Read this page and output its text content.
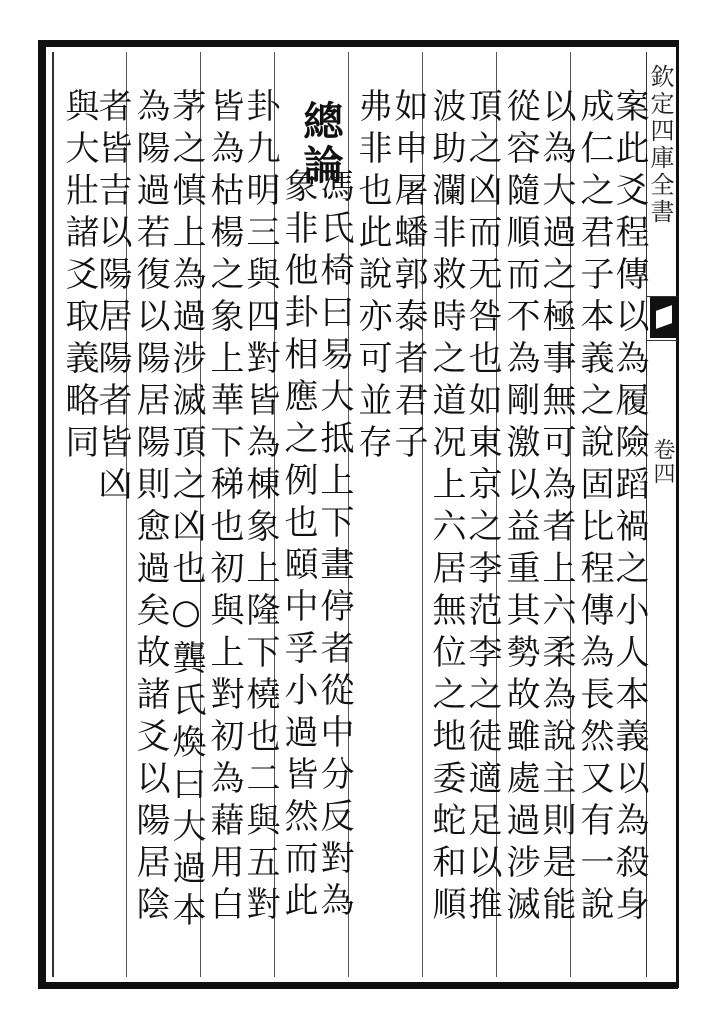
欽定四庫全書
卷四
案此爻程傳以為履險蹈禍之小人本義以為殺身
成仁之君子本義之說固比程傳為長然又有一說
以為大過之極事無可為者上六柔為說主則是能
從容隨順而不為剛激以益重其勢故雖處過涉滅
頂之凶而无咎也如東京之李范李之徒適足以推
波助瀾非救時之道况上六居無位之地委蛇和順
如申屠蟠郭泰者君子
弗非也此說亦可並存
總論
馮氏椅曰易大抵上下畫停者從中分反對為
象非他卦相應之例也頤中孚小過皆然而此
卦九明三與四對皆為棟象上隆下橈也二與五對
皆為枯楊之象上華下稊也初與上對初為藉用白
茅之慎上為過涉滅頂之凶也○龔氏煥曰大過本
為陽過若復以陽居陽則愈過矣故諸爻以陽居陰
者皆吉以陽居陽者皆凶
與大壯諸爻取義略同
